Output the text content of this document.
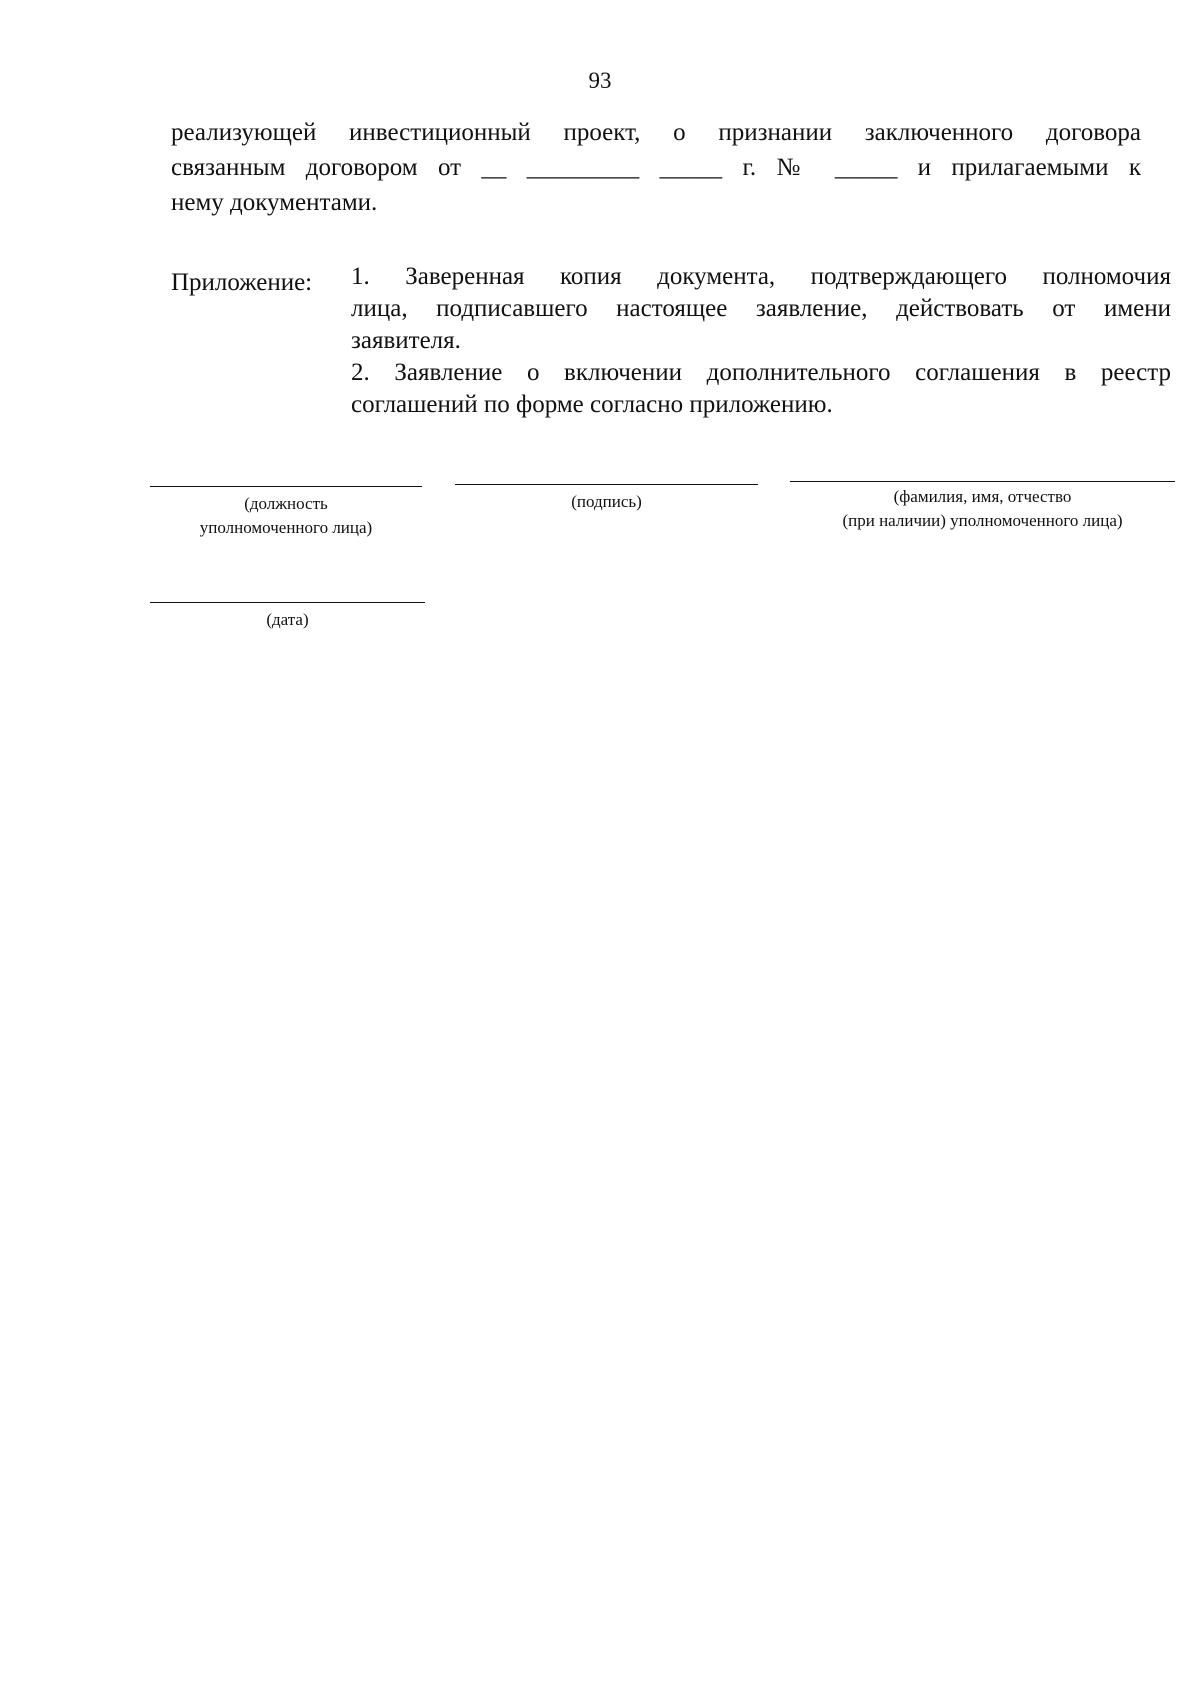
93
реализующей инвестиционный проект, о признании заключенного договора
связанным договором от __ _________ _____ г. № _____ и прилагаемыми к
нему документами.
Приложение: 1. Заверенная копия документа, подтверждающего полномочия
лица, подписавшего настоящее заявление, действовать от имени
заявителя.
2. Заявление о включении дополнительного соглашения в реестр
соглашений по форме согласно приложению.
(должность
уполномоченного лица)
(подпись)	(фамилия, имя, отчество
(при наличии) уполномоченного лица)
(дата)
